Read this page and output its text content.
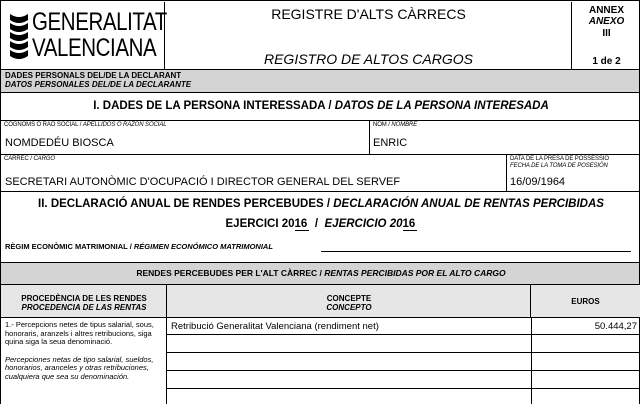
GENERALITAT
VALENCIANA
REGISTRE D'ALTS CÀRRECS
REGISTRO DE ALTOS CARGOS
ANNEX
ANEXO
III
1 de 2
DADES PERSONALS DEL/DE LA DECLARANT
DATOS PERSONALES DEL/DE LA DECLARANTE
I. DADES DE LA PERSONA INTERESSADA / DATOS DE LA PERSONA INTERESADA
COGNOMS O RAÓ SOCIAL / APELLIDOS O RAZÓN SOCIAL
NOMDEDÉU BIOSCA
NOM / NOMBRE
ENRIC
CÀRREC / CARGO
SECRETARI AUTONÒMIC D'OCUPACIÓ I DIRECTOR GENERAL DEL SERVEF
DATA DE LA PRESA DE POSSESSIÓ
FECHA DE LA TOMA DE POSESIÓN
16/09/1964
II. DECLARACIÓ ANUAL DE RENDES PERCEBUDES / DECLARACIÓN ANUAL DE RENTAS PERCIBIDAS
EJERCICI 2016 / EJERCICIO 2016
RÈGIM ECONÒMIC MATRIMONIAL / RÉGIMEN ECONÓMICO MATRIMONIAL
RENDES PERCEBUDES PER L'ALT CÀRREC / RENTAS PERCIBIDAS POR EL ALTO CARGO
PROCEDÈNCIA DE LES RENDES
PROCEDENCIA DE LAS RENTAS
CONCEPTE
CONCEPTO
EUROS
1.- Percepcions netes de tipus salarial, sous, honoraris, aranzels i altres retribucions, siga quina siga la seua denominació.
Percepciones netas de tipo salarial, sueldos, honorarios, aranceles y otras retribuciones, cualquiera que sea su denominación.
Retribució Generalitat Valenciana (rendiment net)	50.444,27
